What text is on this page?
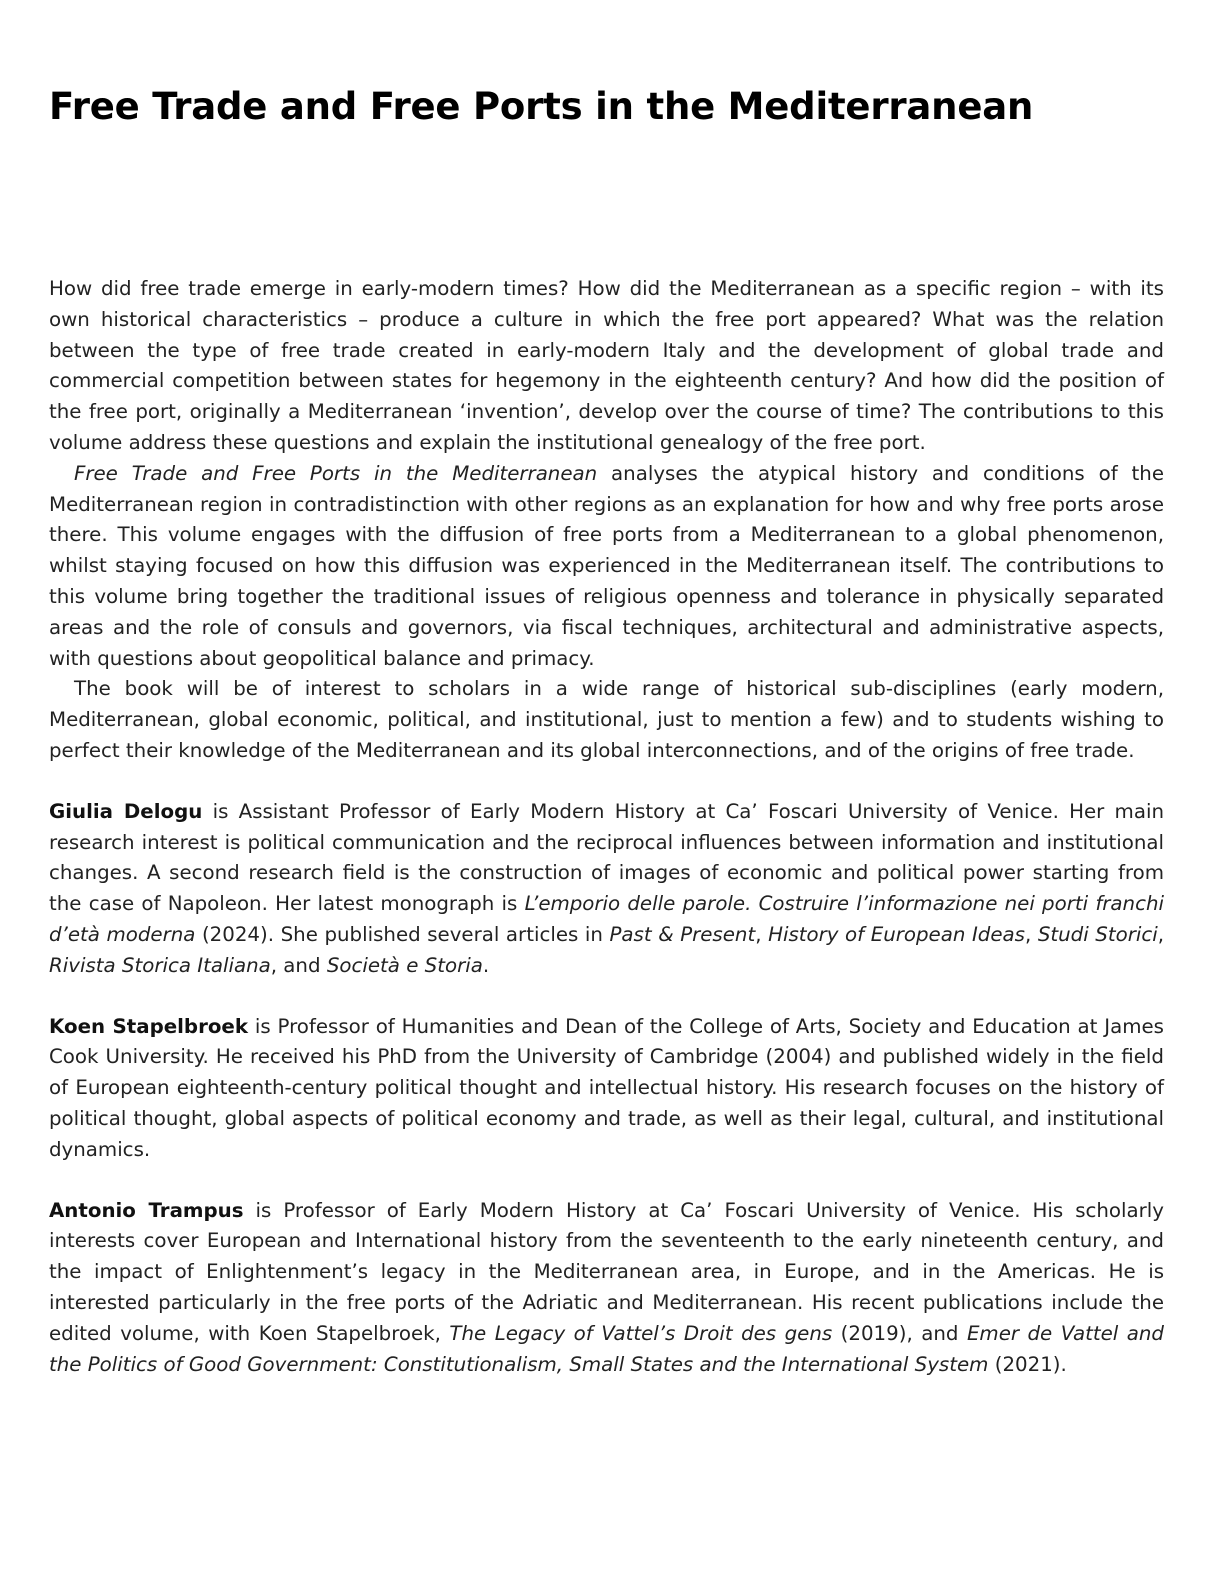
Free Trade and Free Ports in the Mediterranean

How did free trade emerge in early-modern times? How did the Mediterranean as a specific region – with its own historical characteristics – produce a culture in which the free port appeared? What was the relation between the type of free trade created in early-modern Italy and the development of global trade and commercial competition between states for hegemony in the eighteenth century? And how did the position of the free port, originally a Mediterranean ‘invention’, develop over the course of time? The contributions to this volume address these questions and explain the institutional genealogy of the free port.

Free Trade and Free Ports in the Mediterranean analyses the atypical history and conditions of the Mediterranean region in contradistinction with other regions as an explanation for how and why free ports arose there. This volume engages with the diffusion of free ports from a Mediterranean to a global phenomenon, whilst staying focused on how this diffusion was experienced in the Mediterranean itself. The contributions to this volume bring together the traditional issues of religious openness and tolerance in physically separated areas and the role of consuls and governors, via fiscal techniques, architectural and administrative aspects, with questions about geopolitical balance and primacy.

The book will be of interest to scholars in a wide range of historical sub-disciplines (early modern, Mediterranean, global economic, political, and institutional, just to mention a few) and to students wishing to perfect their knowledge of the Mediterranean and its global interconnections, and of the origins of free trade.

Giulia Delogu is Assistant Professor of Early Modern History at Ca’ Foscari University of Venice. Her main research interest is political communication and the reciprocal influences between information and institutional changes. A second research field is the construction of images of economic and political power starting from the case of Napoleon. Her latest monograph is L’emporio delle parole. Costruire l’informazione nei porti franchi d’età moderna (2024). She published several articles in Past & Present, History of European Ideas, Studi Storici, Rivista Storica Italiana, and Società e Storia.

Koen Stapelbroek is Professor of Humanities and Dean of the College of Arts, Society and Education at James Cook University. He received his PhD from the University of Cambridge (2004) and published widely in the field of European eighteenth-century political thought and intellectual history. His research focuses on the history of political thought, global aspects of political economy and trade, as well as their legal, cultural, and institutional dynamics.

Antonio Trampus is Professor of Early Modern History at Ca’ Foscari University of Venice. His scholarly interests cover European and International history from the seventeenth to the early nineteenth century, and the impact of Enlightenment’s legacy in the Mediterranean area, in Europe, and in the Americas. He is interested particularly in the free ports of the Adriatic and Mediterranean. His recent publications include the edited volume, with Koen Stapelbroek, The Legacy of Vattel’s Droit des gens (2019), and Emer de Vattel and the Politics of Good Government: Constitutionalism, Small States and the International System (2021).
